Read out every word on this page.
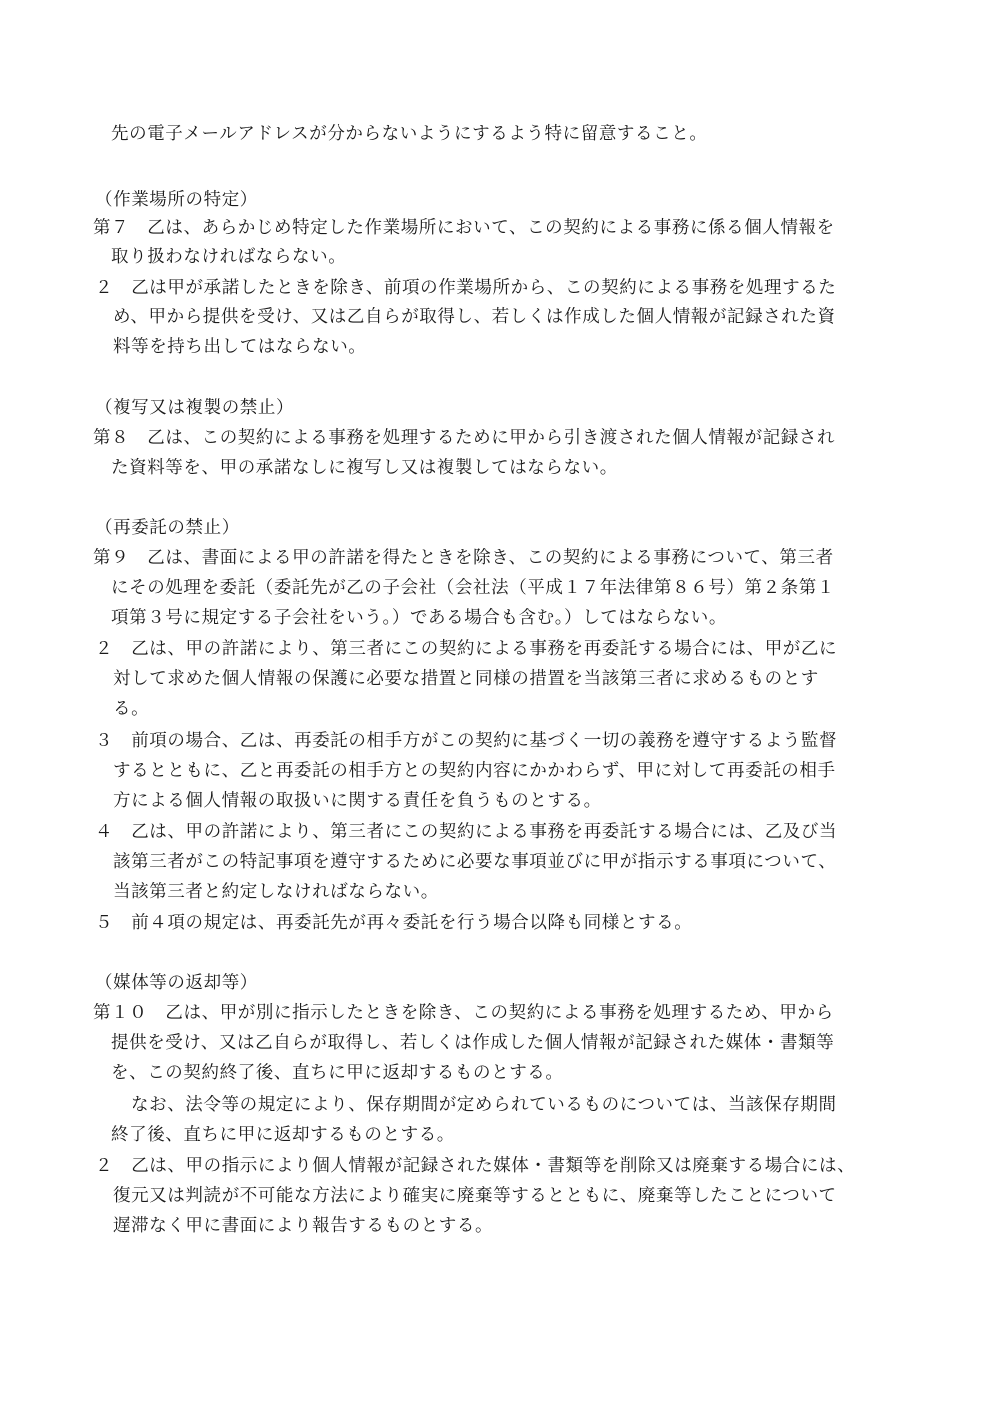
先の電子メールアドレスが分からないようにするよう特に留意すること。
（作業場所の特定）
第７　乙は、あらかじめ特定した作業場所において、この契約による事務に係る個人情報を
取り扱わなければならない。
２　乙は甲が承諾したときを除き、前項の作業場所から、この契約による事務を処理するた
め、甲から提供を受け、又は乙自らが取得し、若しくは作成した個人情報が記録された資
料等を持ち出してはならない。
（複写又は複製の禁止）
第８　乙は、この契約による事務を処理するために甲から引き渡された個人情報が記録され
た資料等を、甲の承諾なしに複写し又は複製してはならない。
（再委託の禁止）
第９　乙は、書面による甲の許諾を得たときを除き、この契約による事務について、第三者
にその処理を委託（委託先が乙の子会社（会社法（平成１７年法律第８６号）第２条第１
項第３号に規定する子会社をいう。）である場合も含む。）してはならない。
２　乙は、甲の許諾により、第三者にこの契約による事務を再委託する場合には、甲が乙に
対して求めた個人情報の保護に必要な措置と同様の措置を当該第三者に求めるものとす
る。
３　前項の場合、乙は、再委託の相手方がこの契約に基づく一切の義務を遵守するよう監督
するとともに、乙と再委託の相手方との契約内容にかかわらず、甲に対して再委託の相手
方による個人情報の取扱いに関する責任を負うものとする。
４　乙は、甲の許諾により、第三者にこの契約による事務を再委託する場合には、乙及び当
該第三者がこの特記事項を遵守するために必要な事項並びに甲が指示する事項について、
当該第三者と約定しなければならない。
５　前４項の規定は、再委託先が再々委託を行う場合以降も同様とする。
（媒体等の返却等）
第１０　乙は、甲が別に指示したときを除き、この契約による事務を処理するため、甲から
提供を受け、又は乙自らが取得し、若しくは作成した個人情報が記録された媒体・書類等
を、この契約終了後、直ちに甲に返却するものとする。
なお、法令等の規定により、保存期間が定められているものについては、当該保存期間
終了後、直ちに甲に返却するものとする。
２　乙は、甲の指示により個人情報が記録された媒体・書類等を削除又は廃棄する場合には、
復元又は判読が不可能な方法により確実に廃棄等するとともに、廃棄等したことについて
遅滞なく甲に書面により報告するものとする。
